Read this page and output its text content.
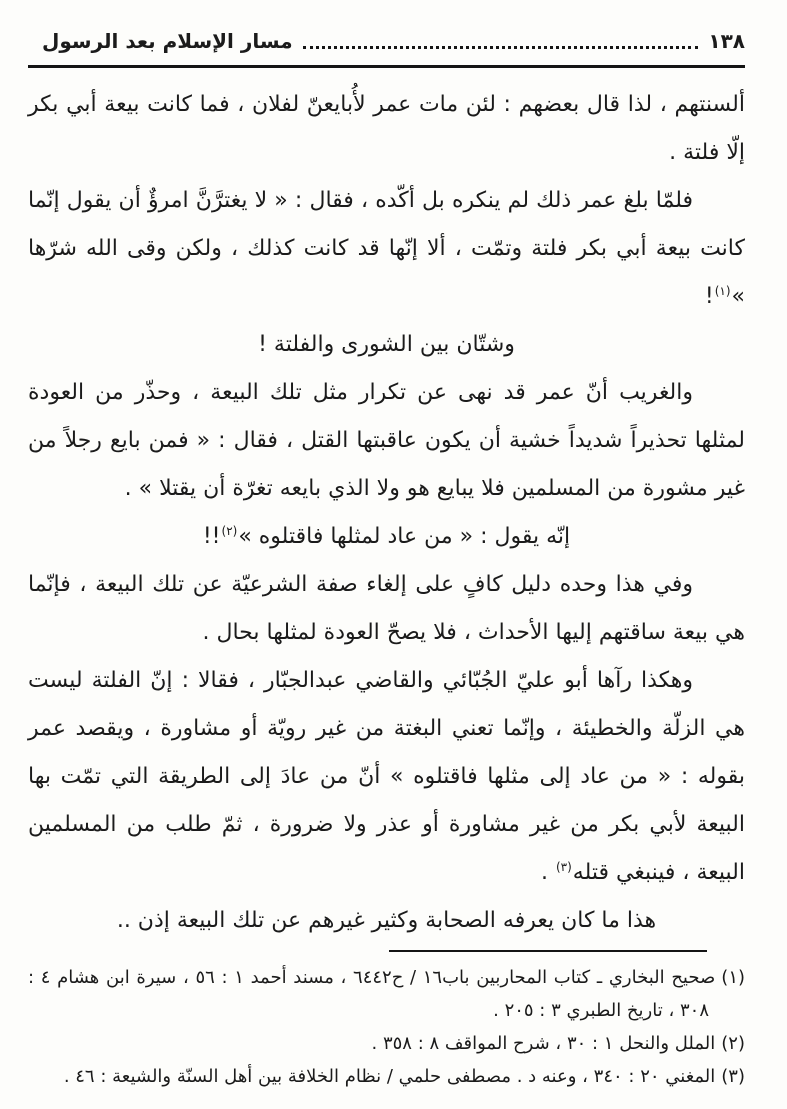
١٣٨
مسار الإسلام بعد الرسول

ألسنتهم ، لذا قال بعضهم : لئن مات عمر لأُبايعنّ لفلان ، فما كانت بيعة أبي بكر إلّا فلتة .

فلمّا بلغ عمر ذلك لم ينكره بل أكّده ، فقال : « لا يغترَّنَّ امرؤٌ أن يقول إنّما كانت بيعة أبي بكر فلتة وتمّت ، ألا إنّها قد كانت كذلك ، ولكن وقى الله شرّها »$^{(١)}$!

وشتّان بين الشورى والفلتة !

والغريب أنّ عمر قد نهى عن تكرار مثل تلك البيعة ، وحذّر من العودة لمثلها تحذيراً شديداً خشية أن يكون عاقبتها القتل ، فقال : « فمن بايع رجلاً من غير مشورة من المسلمين فلا يبايع هو ولا الذي بايعه تغرّة أن يقتلا » .

إنّه يقول : « من عاد لمثلها فاقتلوه »$^{(٢)}$!!

وفي هذا وحده دليل كافٍ على إلغاء صفة الشرعيّة عن تلك البيعة ، فإنّما هي بيعة ساقتهم إليها الأحداث ، فلا يصحّ العودة لمثلها بحال .

وهكذا رآها أبو عليّ الجُبّائي والقاضي عبدالجبّار ، فقالا : إنّ الفلتة ليست هي الزلّة والخطيئة ، وإنّما تعني البغتة من غير رويّة أو مشاورة ، ويقصد عمر بقوله : « من عاد إلى مثلها فاقتلوه » أنّ من عادَ إلى الطريقة التي تمّت بها البيعة لأبي بكر من غير مشاورة أو عذر ولا ضرورة ، ثمّ طلب من المسلمين البيعة ، فينبغي قتله$^{(٣)}$ .

هذا ما كان يعرفه الصحابة وكثير غيرهم عن تلك البيعة إذن ..

(١)صحيح البخاري ـ كتاب المحاربين باب١٦ / ح٦٤٤٢ ، مسند أحمد ١ : ٥٦ ، سيرة ابن هشام ٤ : ٣٠٨ ، تاريخ الطبري ٣ : ٢٠٥ .

(٢)الملل والنحل ١ : ٣٠ ، شرح المواقف ٨ : ٣٥٨ .

(٣)المغني ٢٠ : ٣٤٠ ، وعنه د . مصطفى حلمي / نظام الخلافة بين أهل السنّة والشيعة : ٤٦ .
